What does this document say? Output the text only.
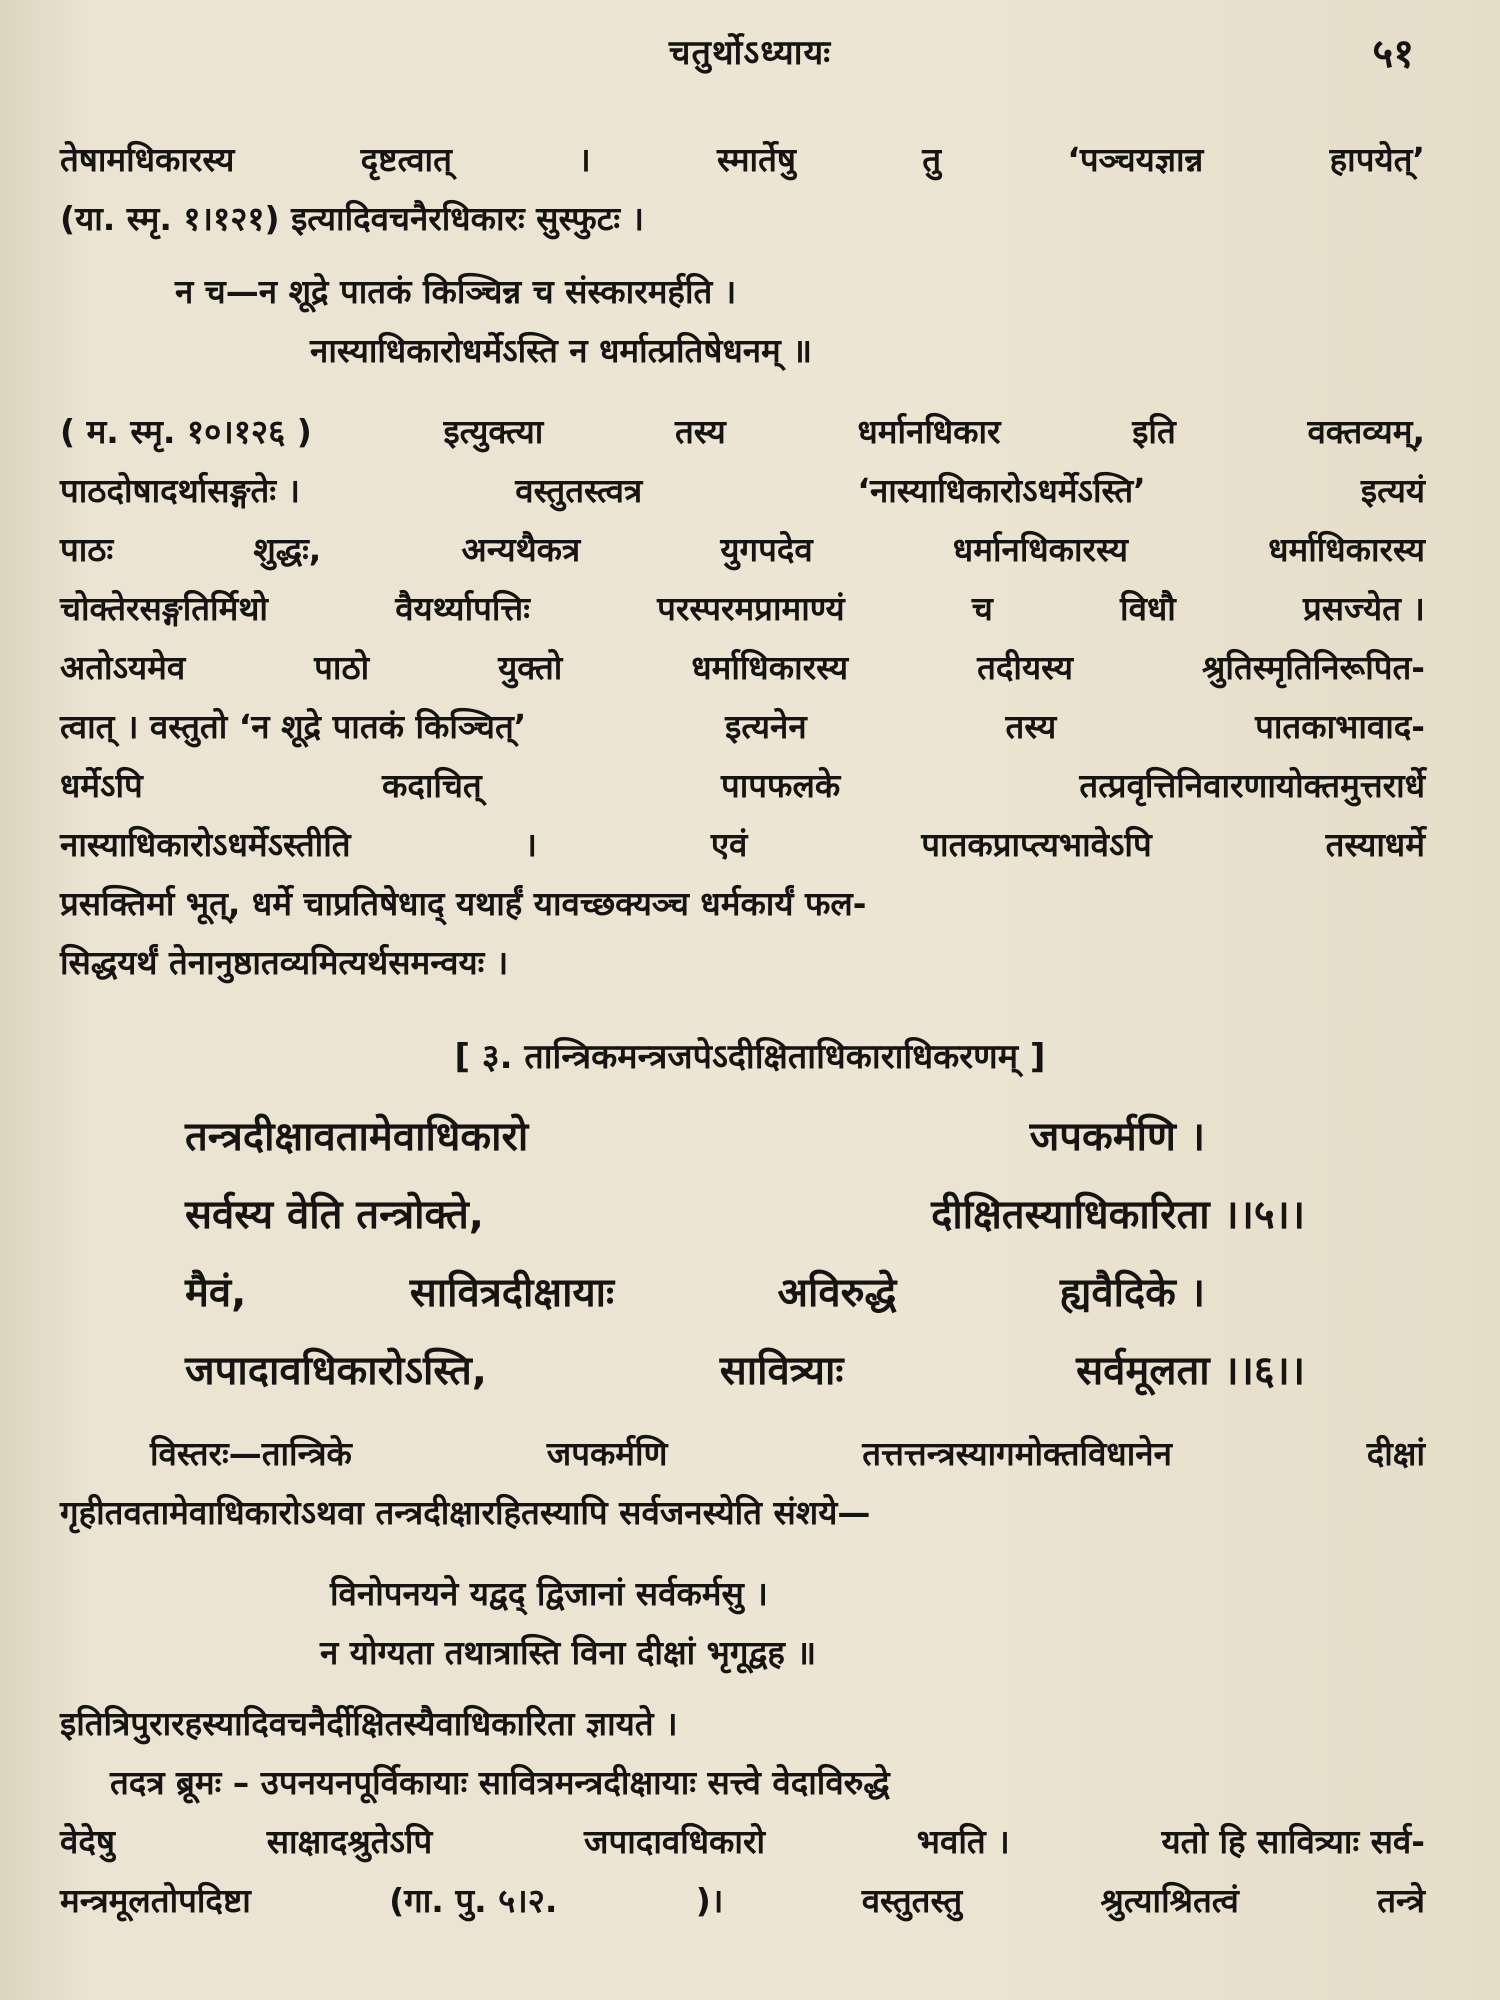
चतुर्थोऽध्यायः	५१
तेषामधिकारस्य	दृष्टत्वात्	।	स्मार्तेषु	तु	‘पञ्चयज्ञान्न	हापयेत्’
(या. स्मृ. १।१२१) इत्यादिवचनैरधिकारः सुस्फुटः ।
न च—न शूद्रे पातकं किञ्चिन्न च संस्कारमर्हति ।
नास्याधिकारोधर्मेऽस्ति न धर्मात्प्रतिषेधनम् ॥
( म. स्मृ. १०।१२६ )	इत्युक्त्या	तस्य	धर्मानधिकार	इति	वक्तव्यम्,
पाठदोषादर्थासङ्गतेः ।	वस्तुतस्त्वत्र	‘नास्याधिकारोऽधर्मेऽस्ति’	इत्ययं
पाठः	शुद्धः,	अन्यथैकत्र	युगपदेव	धर्मानधिकारस्य	धर्माधिकारस्य
चोक्तेरसङ्गतिर्मिथो	वैयर्थ्यापत्तिः	परस्परमप्रामाण्यं	च	विधौ	प्रसज्येत ।
अतोऽयमेव	पाठो	युक्तो	धर्माधिकारस्य	तदीयस्य	श्रुतिस्मृतिनिरूपित-
त्वात् । वस्तुतो ‘न शूद्रे पातकं किञ्चित्’	इत्यनेन	तस्य	पातकाभावाद-
धर्मेऽपि	कदाचित्	पापफलके	तत्प्रवृत्तिनिवारणायोक्तमुत्तरार्धे
नास्याधिकारोऽधर्मेऽस्तीति	।	एवं	पातकप्राप्त्यभावेऽपि	तस्याधर्मे
प्रसक्तिर्मा भूत्, धर्मे चाप्रतिषेधाद् यथार्हं यावच्छक्यञ्च धर्मकार्यं फल-
सिद्धयर्थं तेनानुष्ठातव्यमित्यर्थसमन्वयः ।
[ ३. तान्त्रिकमन्त्रजपेऽदीक्षिताधिकाराधिकरणम् ]
तन्त्रदीक्षावतामेवाधिकारो	जपकर्मणि ।
सर्वस्य वेति तन्त्रोक्ते,	दीक्षितस्याधिकारिता ।।५।।
मैवं,	सावित्रदीक्षायाः	अविरुद्धे	ह्यवैदिके ।
जपादावधिकारोऽस्ति,	सावित्र्याः	सर्वमूलता ।।६।।
विस्तरः—तान्त्रिके	जपकर्मणि	तत्तत्तन्त्रस्यागमोक्तविधानेन	दीक्षां
गृहीतवतामेवाधिकारोऽथवा तन्त्रदीक्षारहितस्यापि सर्वजनस्येति संशये—
विनोपनयने यद्वद् द्विजानां सर्वकर्मसु ।
न योग्यता तथात्रास्ति विना दीक्षां भृगूद्वह ॥
इतित्रिपुरारहस्यादिवचनैर्दीक्षितस्यैवाधिकारिता ज्ञायते ।
तदत्र ब्रूमः – उपनयनपूर्विकायाः सावित्रमन्त्रदीक्षायाः सत्त्वे वेदाविरुद्धे
वेदेषु	साक्षादश्रुतेऽपि	जपादावधिकारो	भवति ।	यतो हि सावित्र्याः सर्व-
मन्त्रमूलतोपदिष्टा	(गा. पु. ५।२.	)।	वस्तुतस्तु	श्रुत्याश्रितत्वं	तन्त्रे
